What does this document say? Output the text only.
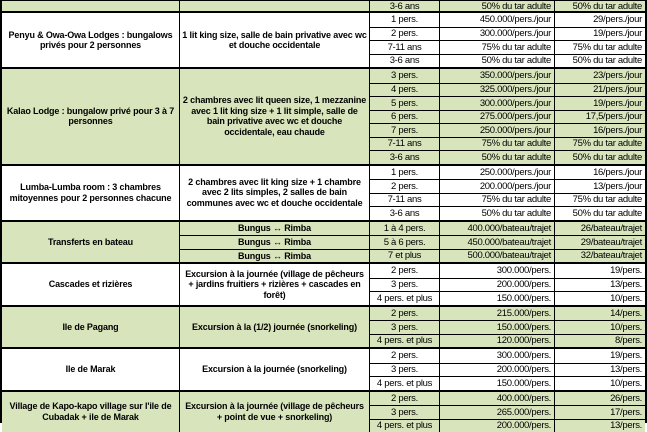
3-6 ans	50% du tar adulte	50% du tar adulte
Penyu & Owa-Owa Lodges : bungalows privés pour 2 personnes
1 lit king size, salle de bain privative avec wc et douche occidentale
1 pers.	450.000/pers./jour	29/pers./jour
2 pers.	300.000/pers./jour	19/pers./jour
7-11 ans	75% du tar adulte	75% du tar adulte
3-6 ans	50% du tar adulte	50% du tar adulte
Kalao Lodge : bungalow privé pour 3 à 7 personnes
2 chambres avec lit queen size, 1 mezzanine avec 1 lit king size + 1 lit simple, salle de bain privative avec wc et douche occidentale, eau chaude
3 pers.	350.000/pers./jour	23/pers./jour
4 pers.	325.000/pers./jour	21/pers./jour
5 pers.	300.000/pers./jour	19/pers./jour
6 pers.	275.000/pers./jour	17,5/pers./jour
7 pers.	250.000/pers./jour	16/pers./jour
7-11 ans	75% du tar adulte	75% du tar adulte
3-6 ans	50% du tar adulte	50% du tar adulte
Lumba-Lumba room : 3 chambres mitoyennes pour 2 personnes chacune
2 chambres avec lit king size + 1 chambre avec 2 lits simples, 2 salles de bain communes avec wc et douche occidentale
1 pers.	250.000/pers./jour	16/pers./jour
2 pers.	200.000/pers./jour	13/pers./jour
7-11 ans	75% du tar adulte	75% du tar adulte
3-6 ans	50% du tar adulte	50% du tar adulte
Transferts en bateau
Bungus ↔ Rimba	1 à 4 pers.	400.000/bateau/trajet	26/bateau/trajet
Bungus ↔ Rimba	5 à 6 pers.	450.000/bateau/trajet	29/bateau/trajet
Bungus ↔ Rimba	7 et plus	500.000/bateau/trajet	32/bateau/trajet
Cascades et rizières
Excursion à la journée (village de pêcheurs + jardins fruitiers + rizières + cascades en forêt)
2 pers.	300.000/pers.	19/pers.
3 pers.	200.000/pers.	13/pers.
4 pers. et plus	150.000/pers.	10/pers.
Ile de Pagang	Excursion à la (1/2) journée (snorkeling)
2 pers.	215.000/pers.	14/pers.
3 pers.	150.000/pers.	10/pers.
4 pers. et plus	120.000/pers.	8/pers.
Ile de Marak	Excursion à la journée (snorkeling)
2 pers.	300.000/pers.	19/pers.
3 pers.	200.000/pers.	13/pers.
4 pers. et plus	150.000/pers.	10/pers.
Village de Kapo-kapo village sur l'ile de Cubadak + ile de Marak
Excursion à la journée (village de pêcheurs + point de vue + snorkeling)
2 pers.	400.000/pers.	26/pers.
3 pers.	265.000/pers.	17/pers.
4 pers. et plus	200.000/pers.	13/pers.
